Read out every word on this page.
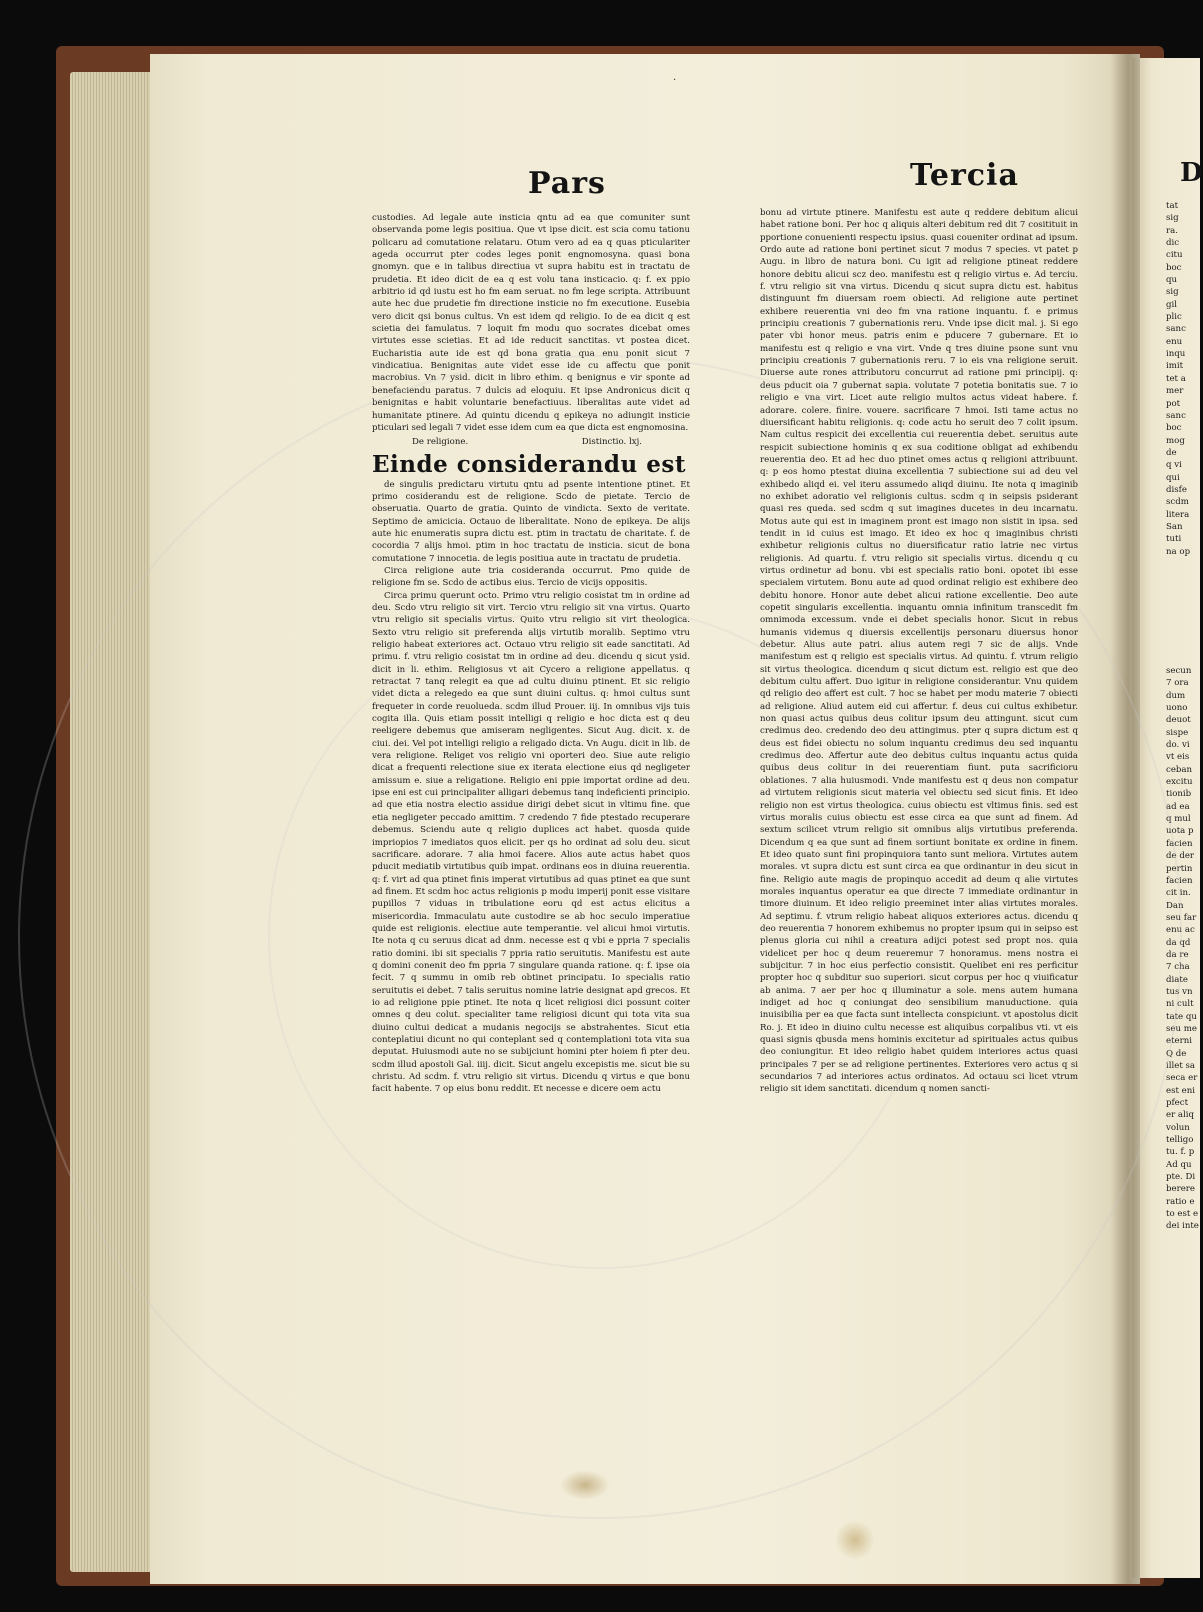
·
Pars	Tercia	D

custodies. Ad legale aute insticia qntu ad ea que comuniter sunt observanda pome legis positiua. Que vt ipse dicit. est scia comu tationu policaru ad comutatione relataru. Otum vero ad ea q quas pticulariter ageda occurrut pter codes leges ponit engnomosyna. quasi bona gnomyn. que e in talibus directiua vt supra habitu est in tractatu de prudetia. Et ideo dicit de ea q est volu tana insticacio. q: f. ex ppio arbitrio id qd iustu est ho fm eam seruat. no fm lege scripta. Attribuunt aute hec due prudetie fm directione insticie no fm executione. Eusebia vero dicit qsi bonus cultus. Vn est idem qd religio. Io de ea dicit q est scietia dei famulatus. 7 loquit fm modu quo socrates dicebat omes virtutes esse scietias. Et ad ide reducit sanctitas. vt postea dicet. Eucharistia aute ide est qd bona gratia qua enu ponit sicut 7 vindicatiua. Benignitas aute videt esse ide cu affectu que ponit macrobius. Vn 7 ysid. dicit in libro ethim. q benignus e vir sponte ad benefaciendu paratus. 7 dulcis ad eloquiu. Et ipse Andronicus dicit q benignitas e habit voluntarie benefactiuus. liberalitas aute videt ad humanitate ptinere. Ad quintu dicendu q epikeya no adiungit insticie pticulari sed legali 7 videt esse idem cum ea que dicta est engnomosina.

De religione.	Distinctio. lxj.
Einde considerandu est

de singulis predictaru virtutu qntu ad psente intentione ptinet. Et primo cosiderandu est de religione. Scdo de pietate. Tercio de obseruatia. Quarto de gratia. Quinto de vindicta. Sexto de veritate. Septimo de amicicia. Octauo de liberalitate. Nono de epikeya. De alijs aute hic enumeratis supra dictu est. ptim in tractatu de charitate. f. de cocordia 7 alijs hmoi. ptim in hoc tractatu de insticia. sicut de bona comutatione 7 innocetia. de legis positiua aute in tractatu de prudetia.

Circa religione aute tria cosideranda occurrut. Pmo quide de religione fm se. Scdo de actibus eius. Tercio de vicijs oppositis.

Circa primu querunt octo. Primo vtru religio cosistat tm in ordine ad deu. Scdo vtru religio sit virt. Tercio vtru religio sit vna virtus. Quarto vtru religio sit specialis virtus. Quito vtru religio sit virt theologica. Sexto vtru religio sit preferenda alijs virtutib moralib. Septimo vtru religio habeat exteriores act. Octauo vtru religio sit eade sanctitati. Ad primu. f. vtru religio cosistat tm in ordine ad deu. dicendu q sicut ysid. dicit in li. ethim. Religiosus vt ait Cycero a religione appellatus. q retractat 7 tanq relegit ea que ad cultu diuinu ptinent. Et sic religio videt dicta a relegedo ea que sunt diuini cultus. q: hmoi cultus sunt frequeter in corde reuolueda. scdm illud Prouer. iij. In omnibus vijs tuis cogita illa. Quis etiam possit intelligi q religio e hoc dicta est q deu reeligere debemus que amiseram negligentes. Sicut Aug. dicit. x. de ciui. dei. Vel pot intelligi religio a religado dicta. Vn Augu. dicit in lib. de vera religione. Religet vos religio vni oporteri deo. Siue aute religio dicat a frequenti relectione siue ex iterata electione eius qd negligeter amissum e. siue a religatione. Religio eni ppie importat ordine ad deu. ipse eni est cui principaliter alligari debemus tanq indeficienti principio. ad que etia nostra electio assidue dirigi debet sicut in vltimu fine. que etia negligeter peccado amittim. 7 credendo 7 fide ptestado recuperare debemus. Sciendu aute q religio duplices act habet. quosda quide impriopios 7 imediatos quos elicit. per qs ho ordinat ad solu deu. sicut sacrificare. adorare. 7 alia hmoi facere. Alios aute actus habet quos pducit mediatib virtutibus quib impat. ordinans eos in diuina reuerentia. q: f. virt ad qua ptinet finis imperat virtutibus ad quas ptinet ea que sunt ad finem. Et scdm hoc actus religionis p modu imperij ponit esse visitare pupillos 7 viduas in tribulatione eoru qd est actus elicitus a misericordia. Immaculatu aute custodire se ab hoc seculo imperatiue quide est religionis. electiue aute temperantie. vel alicui hmoi virtutis. Ite nota q cu seruus dicat ad dnm. necesse est q vbi e ppria 7 specialis ratio domini. ibi sit specialis 7 ppria ratio seruitutis. Manifestu est aute q domini conenit deo fm ppria 7 singulare quanda ratione. q: f. ipse oia fecit. 7 q summu in omib reb obtinet principatu. Io specialis ratio seruitutis ei debet. 7 talis seruitus nomine latrie designat apd grecos. Et io ad religione ppie ptinet. Ite nota q licet religiosi dici possunt coiter omnes q deu colut. specialiter tame religiosi dicunt qui tota vita sua diuino cultui dedicat a mudanis negocijs se abstrahentes. Sicut etia conteplatiui dicunt no qui conteplant sed q contemplationi tota vita sua deputat. Huiusmodi aute no se subijciunt homini pter hoiem fi pter deu. scdm illud apostoli Gal. iiij. dicit. Sicut angelu excepistis me. sicut bie su christu. Ad scdm. f. vtru religio sit virtus. Dicendu q virtus e que bonu facit habente. 7 op eius bonu reddit. Et necesse e dicere oem actu

bonu ad virtute ptinere. Manifestu est aute q reddere debitum alicui habet ratione boni. Per hoc q aliquis alteri debitum red dit 7 cositituit in pportione conuenienti respectu ipsius. quasi coueniter ordinat ad ipsum. Ordo aute ad ratione boni pertinet sicut 7 modus 7 species. vt patet p Augu. in libro de natura boni. Cu igit ad religione ptineat reddere honore debitu alicui scz deo. manifestu est q religio virtus e. Ad terciu. f. vtru religio sit vna virtus. Dicendu q sicut supra dictu est. habitus distinguunt fm diuersam roem obiecti. Ad religione aute pertinet exhibere reuerentia vni deo fm vna ratione inquantu. f. e primus principiu creationis 7 gubernationis reru. Vnde ipse dicit mal. j. Si ego pater vbi honor meus. patris enim e pducere 7 gubernare. Et io manifestu est q religio e vna virt. Vnde q tres diuine psone sunt vnu principiu creationis 7 gubernationis reru. 7 io eis vna religione seruit. Diuerse aute rones attributoru concurrut ad ratione pmi principij. q: deus pducit oia 7 gubernat sapia. volutate 7 potetia bonitatis sue. 7 io religio e vna virt. Licet aute religio multos actus videat habere. f. adorare. colere. finire. vouere. sacrificare 7 hmoi. Isti tame actus no diuersificant habitu religionis. q: code actu ho seruit deo 7 colit ipsum. Nam cultus respicit dei excellentia cui reuerentia debet. seruitus aute respicit subiectione hominis q ex sua coditione obligat ad exhibendu reuerentia deo. Et ad hec duo ptinet omes actus q religioni attribuunt. q: p eos homo ptestat diuina excellentia 7 subiectione sui ad deu vel exhibedo aliqd ei. vel iteru assumedo aliqd diuinu. Ite nota q imaginib no exhibet adoratio vel religionis cultus. scdm q in seipsis psiderant quasi res queda. sed scdm q sut imagines ducetes in deu incarnatu. Motus aute qui est in imaginem pront est imago non sistit in ipsa. sed tendit in id cuius est imago. Et ideo ex hoc q imaginibus christi exhibetur religionis cultus no diuersificatur ratio latrie nec virtus religionis. Ad quartu. f. vtru religio sit specialis virtus. dicendu q cu virtus ordinetur ad bonu. vbi est specialis ratio boni. opotet ibi esse specialem virtutem. Bonu aute ad quod ordinat religio est exhibere deo debitu honore. Honor aute debet alicui ratione excellentie. Deo aute copetit singularis excellentia. inquantu omnia infinitum transcedit fm omnimoda excessum. vnde ei debet specialis honor. Sicut in rebus humanis videmus q diuersis excellentijs personaru diuersus honor debetur. Alius aute patri. alius autem regi 7 sic de alijs. Vnde manifestum est q religio est specialis virtus. Ad quintu. f. vtrum religio sit virtus theologica. dicendum q sicut dictum est. religio est que deo debitum cultu affert. Duo igitur in religione considerantur. Vnu quidem qd religio deo affert est cult. 7 hoc se habet per modu materie 7 obiecti ad religione. Aliud autem eid cui affertur. f. deus cui cultus exhibetur. non quasi actus quibus deus colitur ipsum deu attingunt. sicut cum credimus deo. credendo deo deu attingimus. pter q supra dictum est q deus est fidei obiectu no solum inquantu credimus deu sed inquantu credimus deo. Affertur aute deo debitus cultus inquantu actus quida quibus deus colitur in dei reuerentiam fiunt. puta sacrificioru oblationes. 7 alia huiusmodi. Vnde manifestu est q deus non compatur ad virtutem religionis sicut materia vel obiectu sed sicut finis. Et ideo religio non est virtus theologica. cuius obiectu est vltimus finis. sed est virtus moralis cuius obiectu est esse circa ea que sunt ad finem. Ad sextum scilicet vtrum religio sit omnibus alijs virtutibus preferenda. Dicendum q ea que sunt ad finem sortiunt bonitate ex ordine in finem. Et ideo quato sunt fini propinquiora tanto sunt meliora. Virtutes autem morales. vt supra dictu est sunt circa ea que ordinantur in deu sicut in fine. Religio aute magis de propinquo accedit ad deum q alie virtutes morales inquantus operatur ea que directe 7 immediate ordinantur in timore diuinum. Et ideo religio preeminet inter alias virtutes morales. Ad septimu. f. vtrum religio habeat aliquos exteriores actus. dicendu q deo reuerentia 7 honorem exhibemus no propter ipsum qui in seipso est plenus gloria cui nihil a creatura adijci potest sed propt nos. quia videlicet per hoc q deum reueremur 7 honoramus. mens nostra ei subijcitur. 7 in hoc eius perfectio consistit. Quelibet eni res perficitur propter hoc q subditur suo superiori. sicut corpus per hoc q viuificatur ab anima. 7 aer per hoc q illuminatur a sole. mens autem humana indiget ad hoc q coniungat deo sensibilium manuductione. quia inuisibilia per ea que facta sunt intellecta conspiciunt. vt apostolus dicit Ro. j. Et ideo in diuino cultu necesse est aliquibus corpalibus vti. vt eis quasi signis qbusda mens hominis excitetur ad spirituales actus quibus deo coniungitur. Et ideo religio habet quidem interiores actus quasi principales 7 per se ad religione pertinentes. Exteriores vero actus q si secundarios 7 ad interiores actus ordinatos. Ad octauu sci licet vtrum religio sit idem sanctitati. dicendum q nomen sancti-

tat
sig
ra.
dic
citu
boc
qu
sig
gil
plic
sanc
enu
inqu
imit
tet a
mer
pot
sanc
boc
mog
de
q vi
qui
disfe
scdm
litera
San
tuti
na op
secun
7 ora
dum
uono
deuot
sispe
do. vi
vt eis
ceban
excitu
tionib
ad ea
q mul
uota p
facien
de der
pertin
facien
cit in.
Dan
seu far
enu ac
da qd
da re
7 cha
diate
tus vn
ni cult
tate qu
seu me
eterni
Q de
illet sa
seca er
est eni
pfect
er aliq
volun
telligo
tu. f. p
Ad qu
pte. Di
berere
ratio e
to est e
dei inte
